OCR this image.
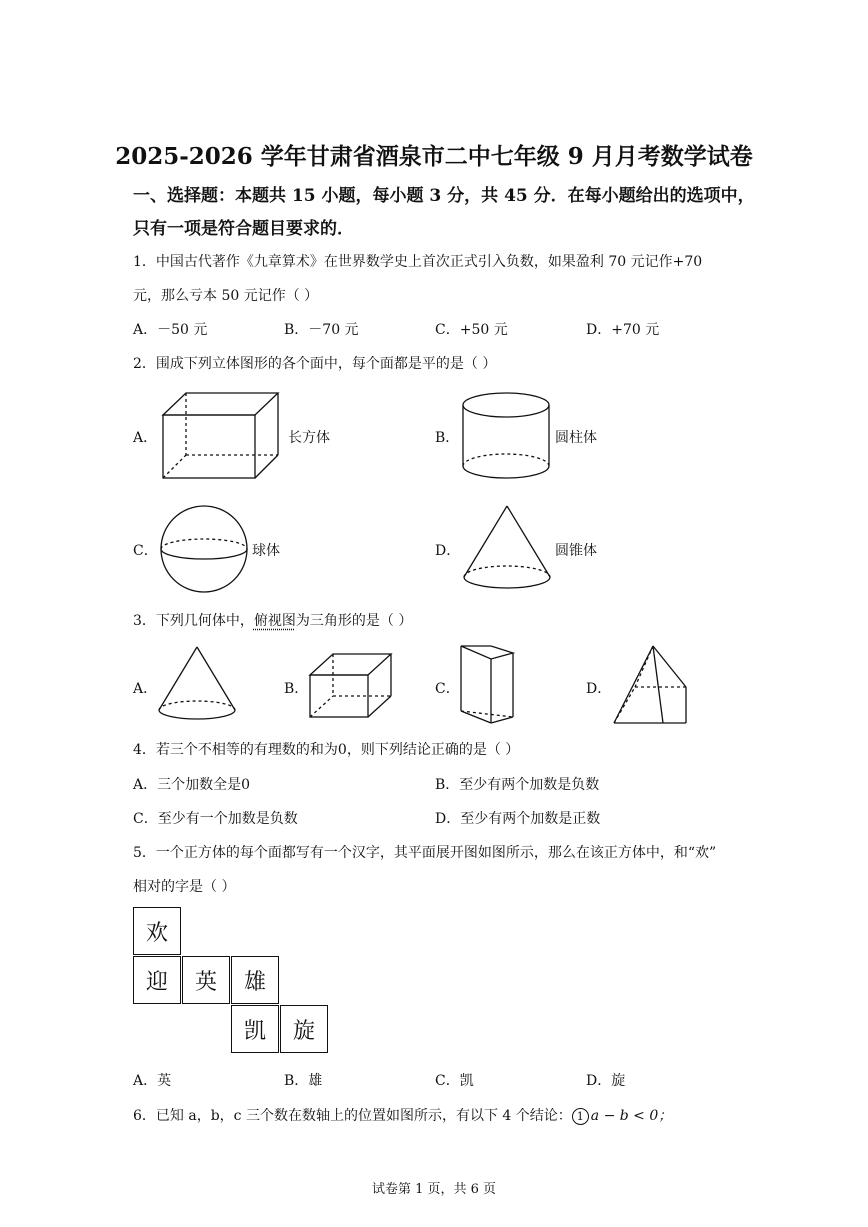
2025-2026 学年甘肃省酒泉市二中七年级 9 月月考数学试卷
一、选择题：本题共 15 小题，每小题 3 分，共 45 分．在每小题给出的选项中，
只有一项是符合题目要求的．
1．中国古代著作《九章算术》在世界数学史上首次正式引入负数，如果盈利 70 元记作+70
元，那么亏本 50 元记作（ ）
A．－50 元	B．－70 元	C．+50 元	D．+70 元
2．围成下列立体图形的各个面中，每个面都是平的是（ ）
A．	长方体	B．	圆柱体
C．	球体	D．	圆锥体
3．下列几何体中，俯视图为三角形的是（ ）
A．	B．	C．	D．
4．若三个不相等的有理数的和为0，则下列结论正确的是（ ）
A．三个加数全是0	B．至少有两个加数是负数
C．至少有一个加数是负数	D．至少有两个加数是正数
5．一个正方体的每个面都写有一个汉字，其平面展开图如图所示，那么在该正方体中，和“欢”
相对的字是（ ）
欢
迎	英	雄
凯	旋
A．英	B．雄	C．凯	D．旋
6．已知 a，b，c 三个数在数轴上的位置如图所示，有以下 4 个结论： 1 a − b < 0；
试卷第 1 页，共 6 页
